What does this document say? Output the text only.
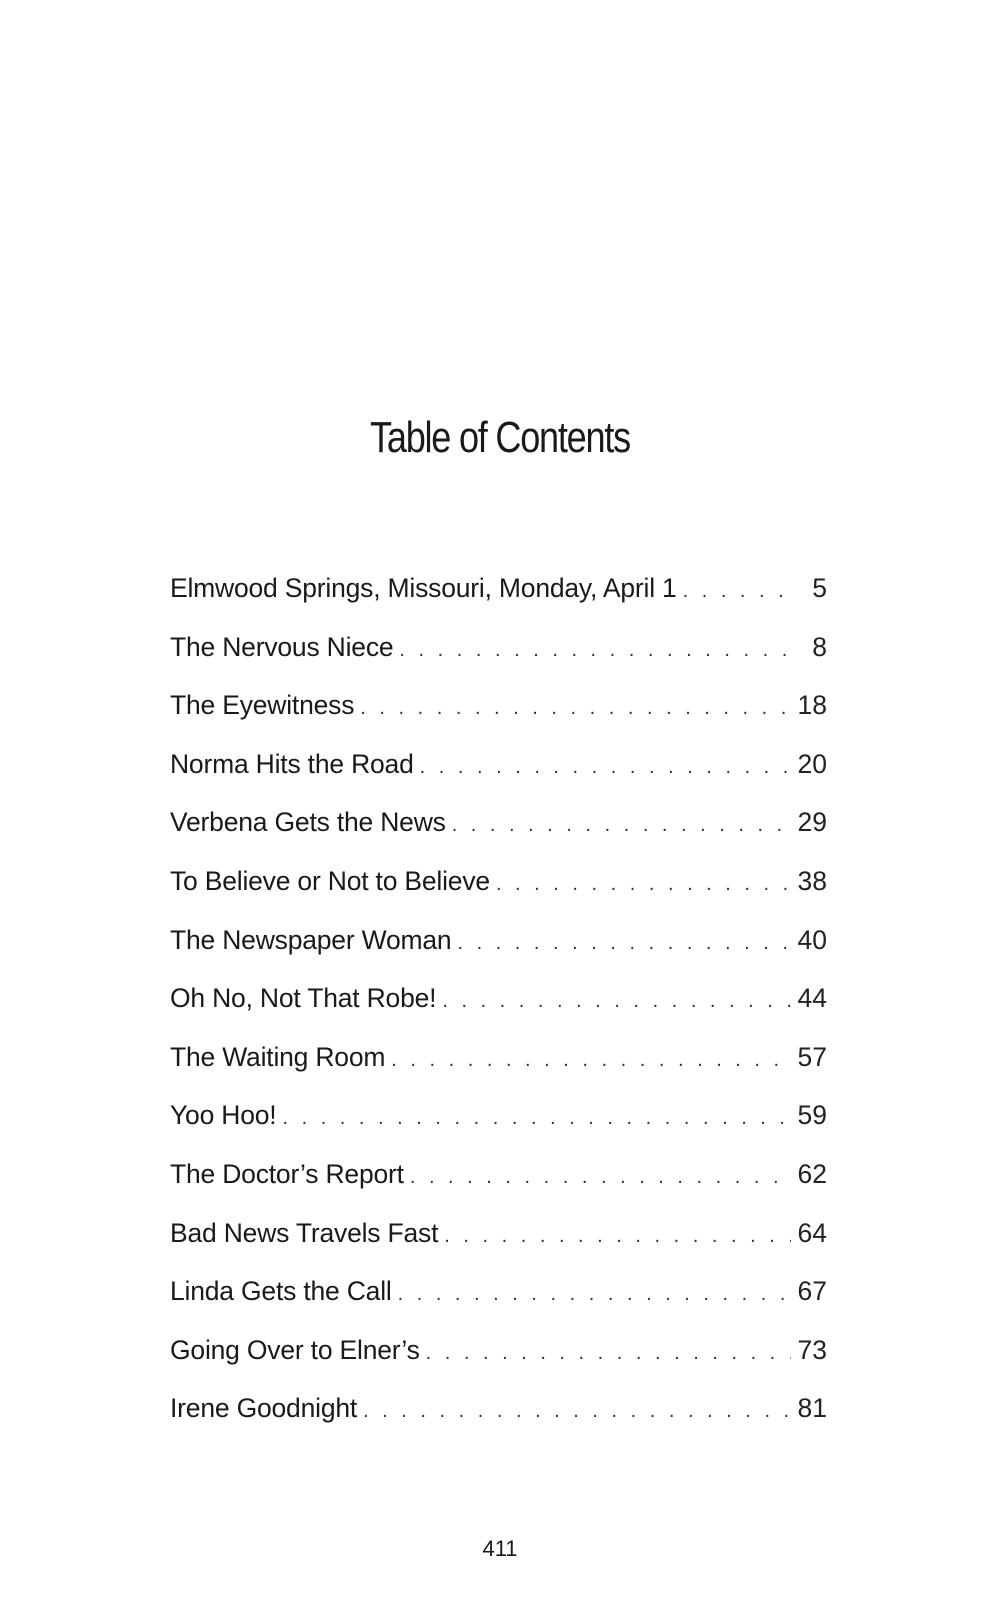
Table of Contents
Elmwood Springs, Missouri, Monday, April 1 . . .	5
The Nervous Niece . . .	8
The Eyewitness . . .	18
Norma Hits the Road . . .	20
Verbena Gets the News . . .	29
To Believe or Not to Believe . . .	38
The Newspaper Woman . . .	40
Oh No, Not That Robe! . . .	44
The Waiting Room . . .	57
Yoo Hoo! . . .	59
The Doctor’s Report . . .	62
Bad News Travels Fast . . .	64
Linda Gets the Call . . .	67
Going Over to Elner’s . . .	73
Irene Goodnight . . .	81
411
